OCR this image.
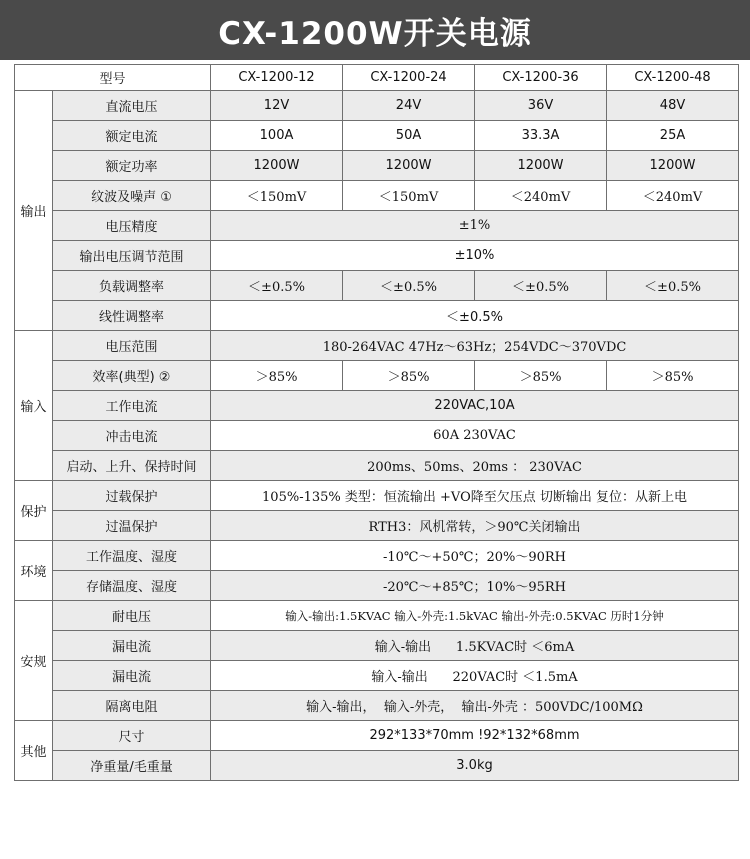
CX-1200W开关电源
型号		CX-1200-12	CX-1200-24	CX-1200-36	CX-1200-48
输出	直流电压	12V	24V	36V	48V
	额定电流	100A	50A	33.3A	25A
	额定功率	1200W	1200W	1200W	1200W
	纹波及噪声 ①	＜150mV	＜150mV	＜240mV	＜240mV
	电压精度	±1%			
	输出电压调节范围	±10%			
	负载调整率	＜±0.5%	＜±0.5%	＜±0.5%	＜±0.5%
	线性调整率	＜±0.5%			
输入	电压范围	180-264VAC 47Hz～63Hz；254VDC～370VDC			
	效率(典型) ②	＞85%	＞85%	＞85%	＞85%
	工作电流	220VAC,10A			
	冲击电流	60A 230VAC			
	启动、上升、保持时间	200ms、50ms、20ms ： 230VAC			
保护	过载保护	105%-135% 类型：恒流输出 +VO降至欠压点 切断输出 复位：从新上电			
	过温保护	RTH3：风机常转，＞90℃关闭输出			
环境	工作温度、湿度	-10℃～+50℃；20%～90RH			
	存储温度、湿度	-20℃～+85℃；10%～95RH			
安规	耐电压	输入-输出:1.5KVAC 输入-外壳:1.5kVAC 输出-外壳:0.5KVAC 历时1分钟			
	漏电流	输入-输出      1.5KVAC时 ＜6mA			
	漏电流	输入-输出      220VAC时 ＜1.5mA			
	隔离电阻	输入-输出，  输入-外壳，  输出-外壳 ：500VDC/100MΩ			
其他	尺寸	292*133*70mm !92*132*68mm			
	净重量/毛重量	3.0kg			
